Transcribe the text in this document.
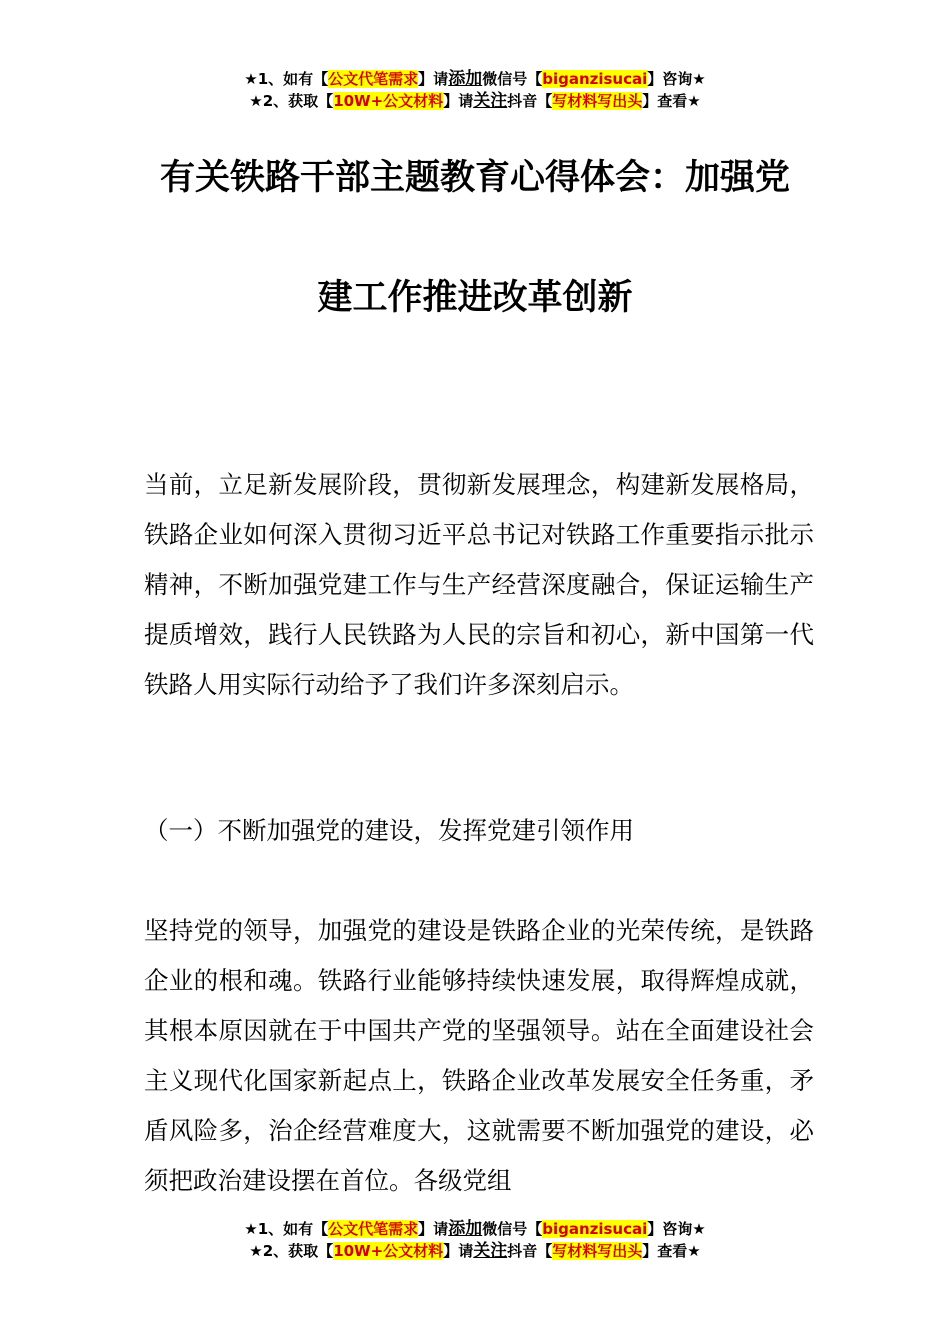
★1、如有【公文代笔需求】请添加微信号【biganzisucai】咨询★
★2、获取【10W+公文材料】请关注抖音【写材料写出头】查看★
有关铁路干部主题教育心得体会：加强党
建工作推进改革创新
当前，立足新发展阶段，贯彻新发展理念，构建新发展格局，铁路企业如何深入贯彻习近平总书记对铁路工作重要指示批示精神，不断加强党建工作与生产经营深度融合，保证运输生产提质增效，践行人民铁路为人民的宗旨和初心，新中国第一代铁路人用实际行动给予了我们许多深刻启示。
（一）不断加强党的建设，发挥党建引领作用
坚持党的领导，加强党的建设是铁路企业的光荣传统，是铁路企业的根和魂。铁路行业能够持续快速发展，取得辉煌成就，其根本原因就在于中国共产党的坚强领导。站在全面建设社会主义现代化国家新起点上，铁路企业改革发展安全任务重，矛盾风险多，治企经营难度大，这就需要不断加强党的建设，必须把政治建设摆在首位。各级党组
★1、如有【公文代笔需求】请添加微信号【biganzisucai】咨询★
★2、获取【10W+公文材料】请关注抖音【写材料写出头】查看★
